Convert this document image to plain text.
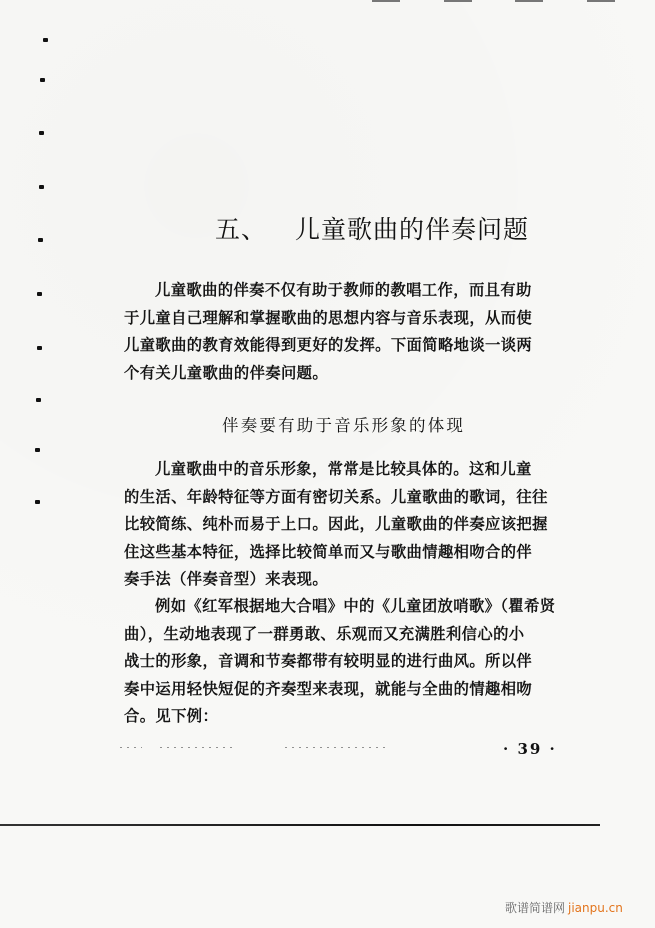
五、 儿童歌曲的伴奏问题

儿童歌曲的伴奏不仅有助于教师的教唱工作，而且有助
于儿童自己理解和掌握歌曲的思想内容与音乐表现，从而使
儿童歌曲的教育效能得到更好的发挥。下面简略地谈一谈两
个有关儿童歌曲的伴奏问题。

伴奏要有助于音乐形象的体现

儿童歌曲中的音乐形象，常常是比较具体的。这和儿童
的生活、年龄特征等方面有密切关系。儿童歌曲的歌词，往往
比较简练、纯朴而易于上口。因此，儿童歌曲的伴奏应该把握
住这些基本特征，选择比较简单而又与歌曲情趣相吻合的伴
奏手法（伴奏音型）来表现。

例如《红军根据地大合唱》中的《儿童团放哨歌》（瞿希贤
曲），生动地表现了一群勇敢、乐观而又充满胜利信心的小
战士的形象，音调和节奏都带有较明显的进行曲风。所以伴
奏中运用轻快短促的齐奏型来表现，就能与全曲的情趣相吻
合。见下例：

· 39 ·
歌谱简谱网 jianpu.cn
